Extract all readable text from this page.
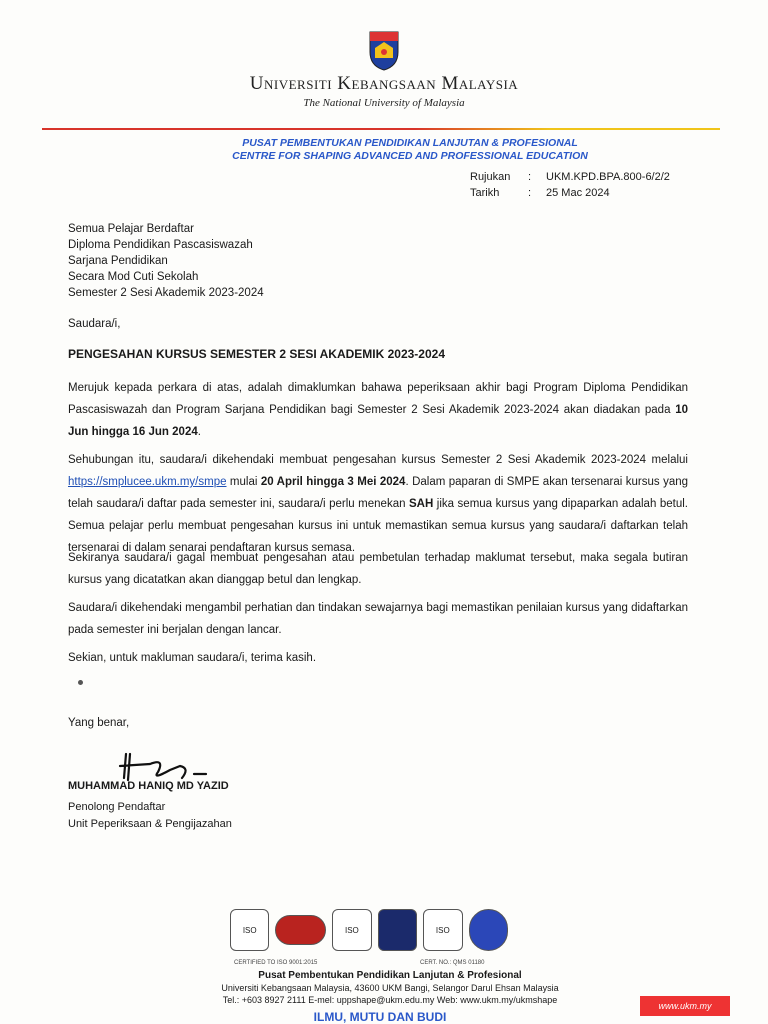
Universiti Kebangsaan Malaysia
The National University of Malaysia
PUSAT PEMBENTUKAN PENDIDIKAN LANJUTAN & PROFESIONAL
CENTRE FOR SHAPING ADVANCED AND PROFESSIONAL EDUCATION
Rujukan : UKM.KPD.BPA.800-6/2/2
Tarikh	: 25 Mac 2024
Semua Pelajar Berdaftar
Diploma Pendidikan Pascasiswazah
Sarjana Pendidikan
Secara Mod Cuti Sekolah
Semester 2 Sesi Akademik 2023-2024
Saudara/i,
PENGESAHAN KURSUS SEMESTER 2 SESI AKADEMIK 2023-2024
Merujuk kepada perkara di atas, adalah dimaklumkan bahawa peperiksaan akhir bagi Program Diploma Pendidikan Pascasiswazah dan Program Sarjana Pendidikan bagi Semester 2 Sesi Akademik 2023-2024 akan diadakan pada 10 Jun hingga 16 Jun 2024.
Sehubungan itu, saudara/i dikehendaki membuat pengesahan kursus Semester 2 Sesi Akademik 2023-2024 melalui https://smplucee.ukm.my/smpe mulai 20 April hingga 3 Mei 2024. Dalam paparan di SMPE akan tersenarai kursus yang telah saudara/i daftar pada semester ini, saudara/i perlu menekan SAH jika semua kursus yang dipaparkan adalah betul. Semua pelajar perlu membuat pengesahan kursus ini untuk memastikan semua kursus yang saudara/i daftarkan telah tersenarai di dalam senarai pendaftaran kursus semasa.
Sekiranya saudara/i gagal membuat pengesahan atau pembetulan terhadap maklumat tersebut, maka segala butiran kursus yang dicatatkan akan dianggap betul dan lengkap.
Saudara/i dikehendaki mengambil perhatian dan tindakan sewajarnya bagi memastikan penilaian kursus yang didaftarkan pada semester ini berjalan dengan lancar.
Sekian, untuk makluman saudara/i, terima kasih.
Yang benar,
MUHAMMAD HANIQ MD YAZID
Penolong Pendaftar
Unit Peperiksaan & Pengijazahan
ISO	ISO	ISO
CERTIFIED TO ISO 9001:2015	CERT. NO.: QMS 01180
Pusat Pembentukan Pendidikan Lanjutan & Profesional
Universiti Kebangsaan Malaysia, 43600 UKM Bangi, Selangor Darul Ehsan Malaysia
Tel.: +603 8927 2111 E-mel: uppshape@ukm.edu.my Web: www.ukm.my/ukmshape
ILMU, MUTU DAN BUDI
www.ukm.my
